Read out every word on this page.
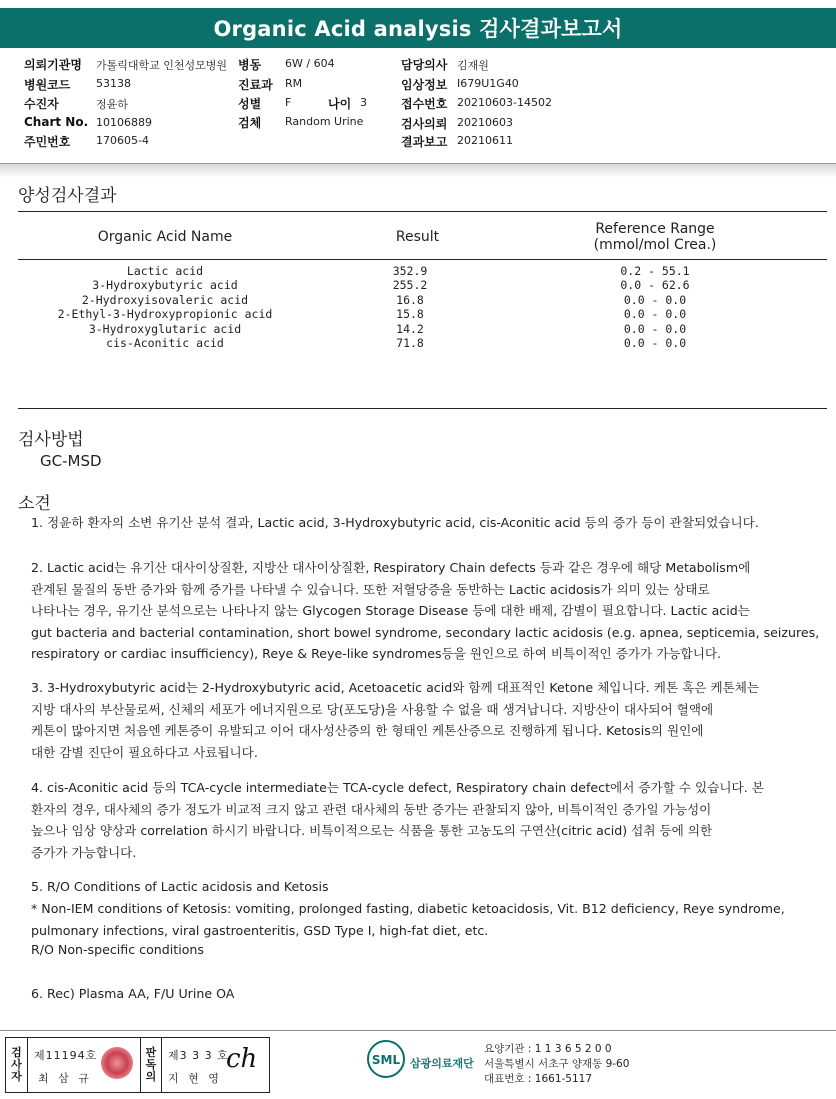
Organic Acid analysis 검사결과보고서
의뢰기관명 가톨릭대학교 인천성모병원 병동 6W / 604	담당의사 김재원
병원코드 53138	진료과 RM	임상정보 I679U1G40
수진자	정윤하	성별 F	나이 3	접수번호 20210603-14502
Chart No. 10106889	검체 Random Urine	검사의뢰 20210603
주민번호 170605-4	결과보고 20210611
양성검사결과
Organic Acid Name	Result	Reference Range
(mmol/mol Crea.)
Lactic acid	352.9	0.2 - 55.1
3-Hydroxybutyric acid	255.2	0.0 - 62.6
2-Hydroxyisovaleric acid	16.8	0.0 - 0.0
2-Ethyl-3-Hydroxypropionic acid	15.8	0.0 - 0.0
3-Hydroxyglutaric acid	14.2	0.0 - 0.0
cis-Aconitic acid	71.8	0.0 - 0.0
검사방법
GC-MSD
소견
1. 정윤하 환자의 소변 유기산 분석 결과, Lactic acid, 3-Hydroxybutyric acid, cis-Aconitic acid 등의 증가 등이 관찰되었습니다.
2. Lactic acid는 유기산 대사이상질환, 지방산 대사이상질환, Respiratory Chain defects 등과 같은 경우에 해당 Metabolism에
관계된 물질의 동반 증가와 함께 증가를 나타낼 수 있습니다. 또한 저혈당증을 동반하는 Lactic acidosis가 의미 있는 상태로
나타나는 경우, 유기산 분석으로는 나타나지 않는 Glycogen Storage Disease 등에 대한 배제, 감별이 필요합니다. Lactic acid는
gut bacteria and bacterial contamination, short bowel syndrome, secondary lactic acidosis (e.g. apnea, septicemia, seizures,
respiratory or cardiac insufficiency), Reye & Reye-like syndromes등을 원인으로 하여 비특이적인 증가가 가능합니다.
3. 3-Hydroxybutyric acid는 2-Hydroxybutyric acid, Acetoacetic acid와 함께 대표적인 Ketone 체입니다. 케톤 혹은 케톤체는
지방 대사의 부산물로써, 신체의 세포가 에너지원으로 당(포도당)을 사용할 수 없을 때 생겨납니다. 지방산이 대사되어 혈액에
케톤이 많아지면 처음엔 케톤증이 유발되고 이어 대사성산증의 한 형태인 케톤산증으로 진행하게 됩니다. Ketosis의 원인에
대한 감별 진단이 필요하다고 사료됩니다.
4. cis-Aconitic acid 등의 TCA-cycle intermediate는 TCA-cycle defect, Respiratory chain defect에서 증가할 수 있습니다. 본
환자의 경우, 대사체의 증가 정도가 비교적 크지 않고 관련 대사체의 동반 증가는 관찰되지 않아, 비특이적인 증가일 가능성이
높으나 임상 양상과 correlation 하시기 바랍니다. 비특이적으로는 식품을 통한 고농도의 구연산(citric acid) 섭취 등에 의한
증가가 가능합니다.
5. R/O Conditions of Lactic acidosis and Ketosis
* Non-IEM conditions of Ketosis: vomiting, prolonged fasting, diabetic ketoacidosis, Vit. B12 deficiency, Reye syndrome,
pulmonary infections, viral gastroenteritis, GSD Type I, high-fat diet, etc.
R/O Non-specific conditions
6. Rec) Plasma AA, F/U Urine OA
검
사
자
제11194호
최 삼 규
판
독
의
제3 3 3 호
지 현 영
ch	SML 삼광의료재단
요양기관 : 1 1 3 6 5 2 0 0
서울특별시 서초구 양재동 9-60
대표번호 : 1661-5117
